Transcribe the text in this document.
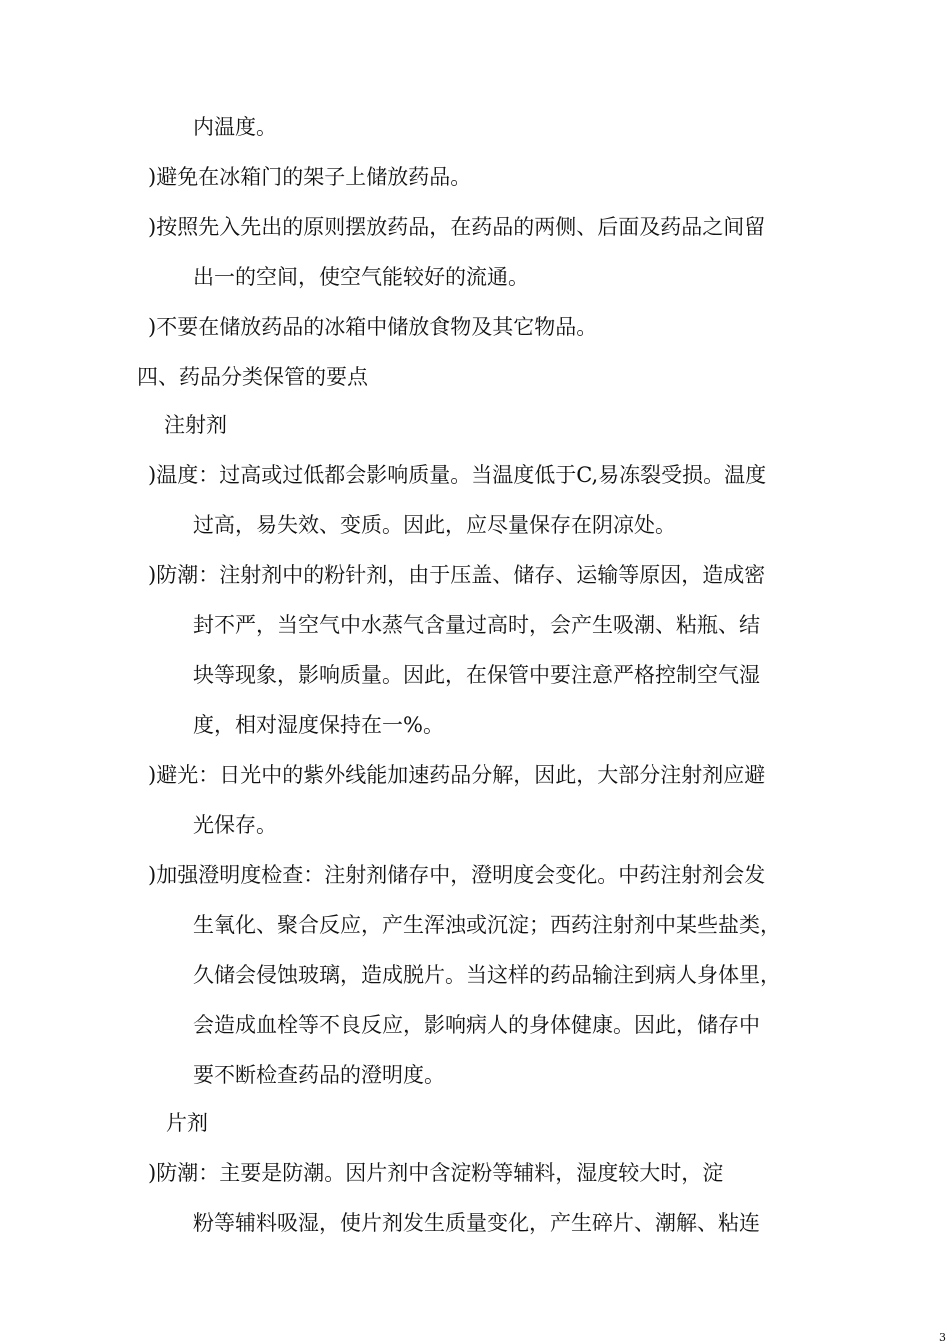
内温度。
)避免在冰箱门的架子上储放药品。
)按照先入先出的原则摆放药品，在药品的两侧、后面及药品之间留
出一的空间，使空气能较好的流通。
)不要在储放药品的冰箱中储放食物及其它物品。
四、药品分类保管的要点
注射剂
)温度：过高或过低都会影响质量。当温度低于C,易冻裂受损。温度
过高，易失效、变质。因此，应尽量保存在阴凉处。
)防潮：注射剂中的粉针剂，由于压盖、储存、运输等原因，造成密
封不严，当空气中水蒸气含量过高时，会产生吸潮、粘瓶、结
块等现象，影响质量。因此，在保管中要注意严格控制空气湿
度，相对湿度保持在一%。
)避光：日光中的紫外线能加速药品分解，因此，大部分注射剂应避
光保存。
)加强澄明度检查：注射剂储存中，澄明度会变化。中药注射剂会发
生氧化、聚合反应，产生浑浊或沉淀；西药注射剂中某些盐类，
久储会侵蚀玻璃，造成脱片。当这样的药品输注到病人身体里，
会造成血栓等不良反应，影响病人的身体健康。因此，储存中
要不断检查药品的澄明度。
片剂
)防潮：主要是防潮。因片剂中含淀粉等辅料，湿度较大时，淀
粉等辅料吸湿，使片剂发生质量变化，产生碎片、潮解、粘连
3
